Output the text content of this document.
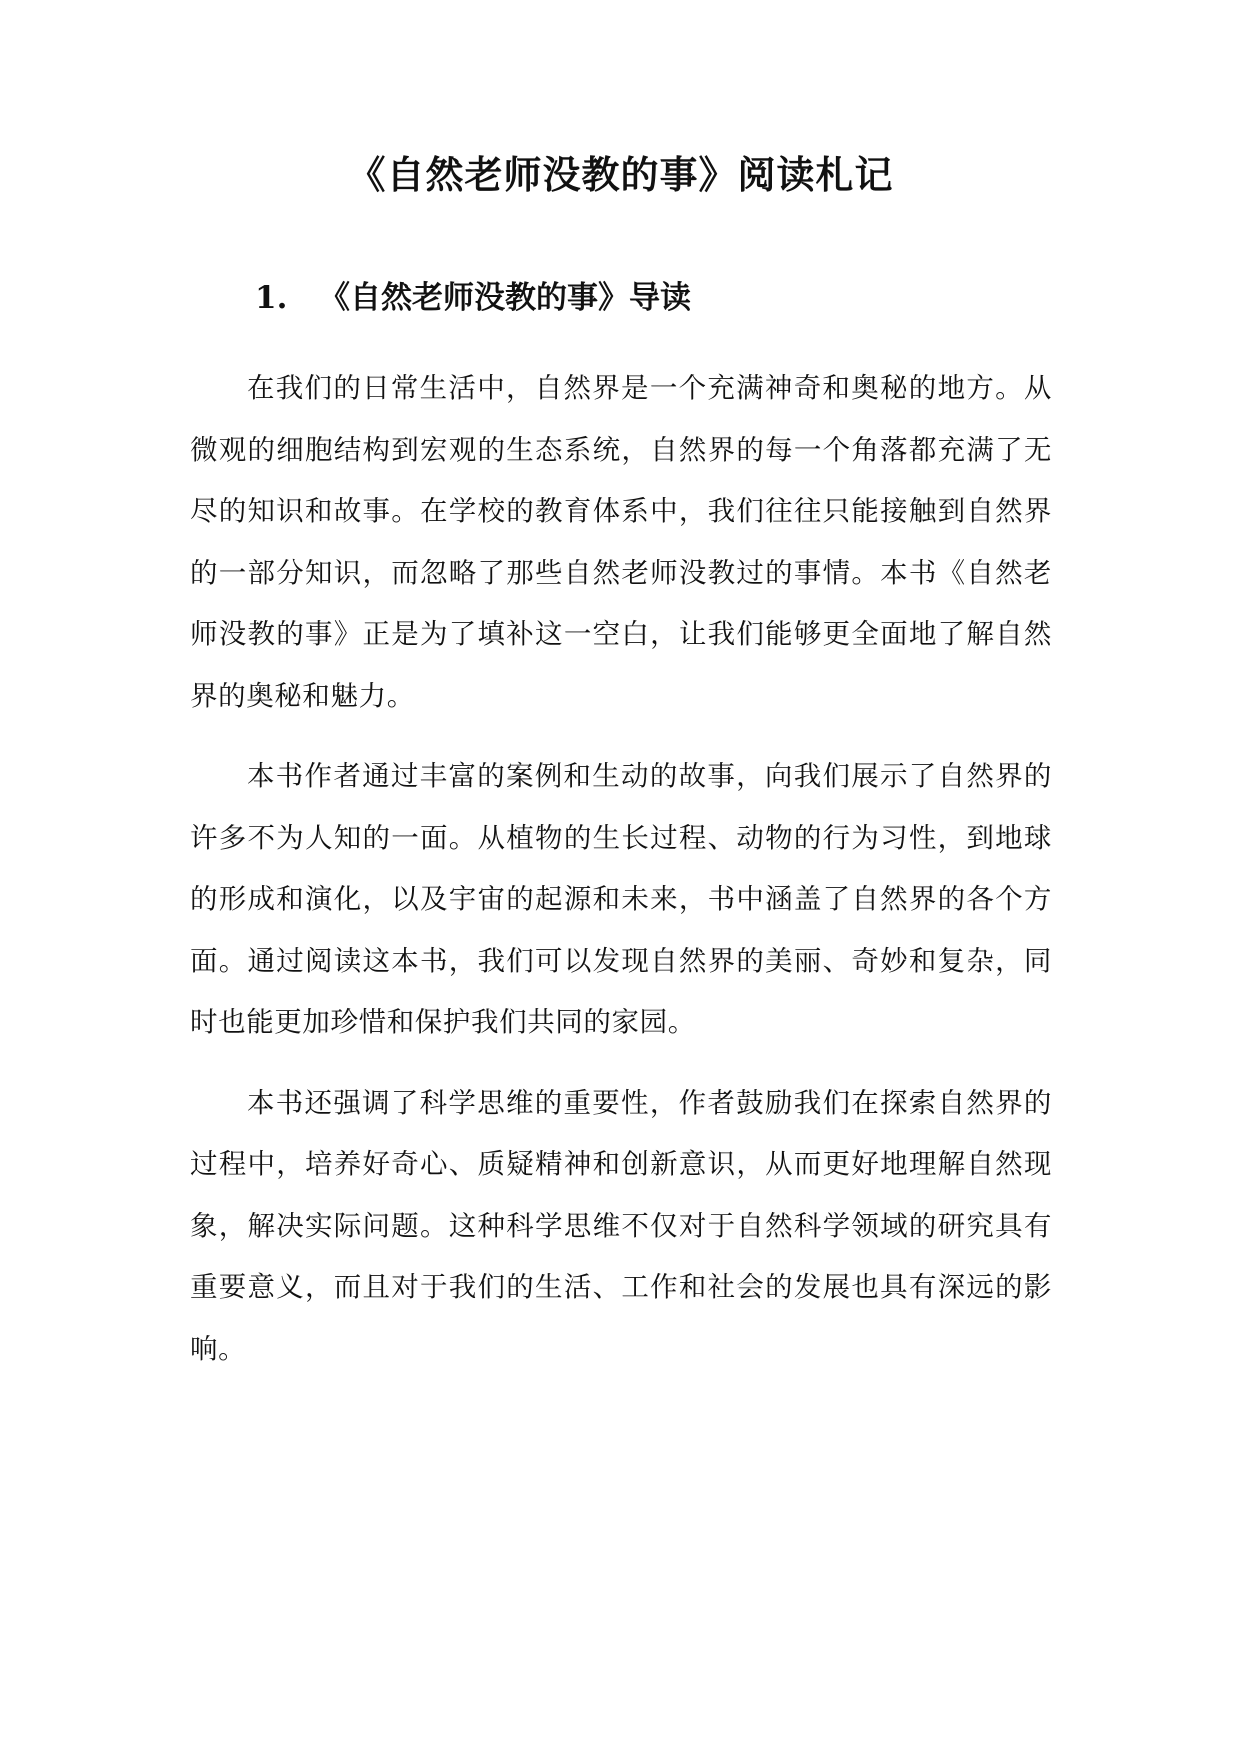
《自然老师没教的事》阅读札记
1. 《自然老师没教的事》导读

在我们的日常生活中，自然界是一个充满神奇和奥秘的地方。从微观的细胞结构到宏观的生态系统，自然界的每一个角落都充满了无尽的知识和故事。在学校的教育体系中，我们往往只能接触到自然界的一部分知识，而忽略了那些自然老师没教过的事情。本书《自然老师没教的事》正是为了填补这一空白，让我们能够更全面地了解自然界的奥秘和魅力。

本书作者通过丰富的案例和生动的故事，向我们展示了自然界的许多不为人知的一面。从植物的生长过程、动物的行为习性，到地球的形成和演化，以及宇宙的起源和未来，书中涵盖了自然界的各个方面。通过阅读这本书，我们可以发现自然界的美丽、奇妙和复杂，同时也能更加珍惜和保护我们共同的家园。

本书还强调了科学思维的重要性，作者鼓励我们在探索自然界的过程中，培养好奇心、质疑精神和创新意识，从而更好地理解自然现象，解决实际问题。这种科学思维不仅对于自然科学领域的研究具有重要意义，而且对于我们的生活、工作和社会的发展也具有深远的影响。
